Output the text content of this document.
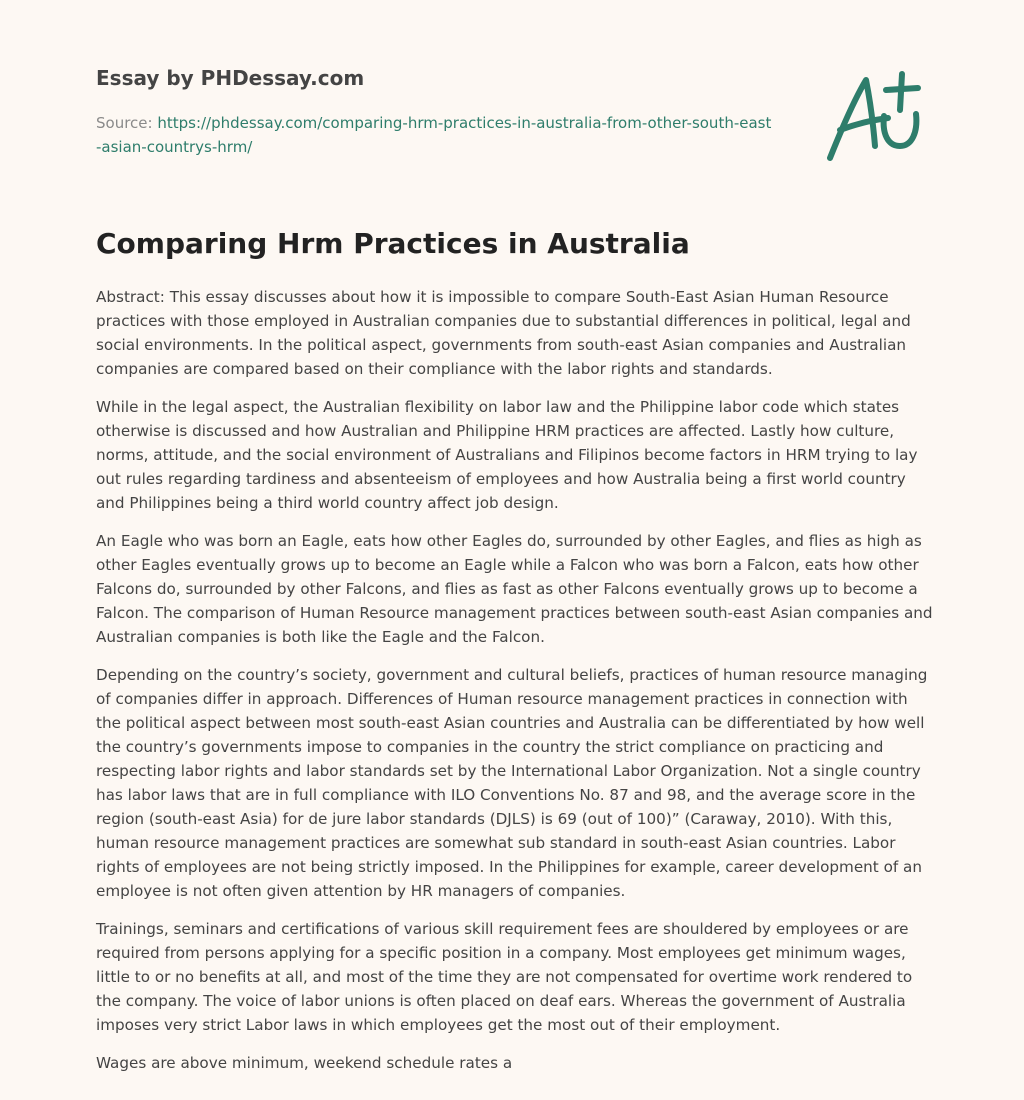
Essay by PHDessay.com
Source: https://phdessay.com/comparing-hrm-practices-in-australia-from-other-south-east-asian-countrys-hrm/
Comparing Hrm Practices in Australia

Abstract: This essay discusses about how it is impossible to compare South-East Asian Human Resource practices with those employed in Australian companies due to substantial differences in political, legal and social environments. In the political aspect, governments from south-east Asian companies and Australian companies are compared based on their compliance with the labor rights and standards.

While in the legal aspect, the Australian flexibility on labor law and the Philippine labor code which states otherwise is discussed and how Australian and Philippine HRM practices are affected. Lastly how culture, norms, attitude, and the social environment of Australians and Filipinos become factors in HRM trying to lay out rules regarding tardiness and absenteeism of employees and how Australia being a first world country and Philippines being a third world country affect job design.

An Eagle who was born an Eagle, eats how other Eagles do, surrounded by other Eagles, and flies as high as other Eagles eventually grows up to become an Eagle while a Falcon who was born a Falcon, eats how other Falcons do, surrounded by other Falcons, and flies as fast as other Falcons eventually grows up to become a Falcon. The comparison of Human Resource management practices between south-east Asian companies and Australian companies is both like the Eagle and the Falcon.

Depending on the country’s society, government and cultural beliefs, practices of human resource managing of companies differ in approach. Differences of Human resource management practices in connection with the political aspect between most south-east Asian countries and Australia can be differentiated by how well the country’s governments impose to companies in the country the strict compliance on practicing and respecting labor rights and labor standards set by the International Labor Organization. Not a single country has labor laws that are in full compliance with ILO Conventions No. 87 and 98, and the average score in the region (south-east Asia) for de jure labor standards (DJLS) is 69 (out of 100)” (Caraway, 2010). With this, human resource management practices are somewhat sub standard in south-east Asian countries. Labor rights of employees are not being strictly imposed. In the Philippines for example, career development of an employee is not often given attention by HR managers of companies.

Trainings, seminars and certifications of various skill requirement fees are shouldered by employees or are required from persons applying for a specific position in a company. Most employees get minimum wages, little to or no benefits at all, and most of the time they are not compensated for overtime work rendered to the company. The voice of labor unions is often placed on deaf ears. Whereas the government of Australia imposes very strict Labor laws in which employees get the most out of their employment.

Wages are above minimum, weekend schedule rates a
